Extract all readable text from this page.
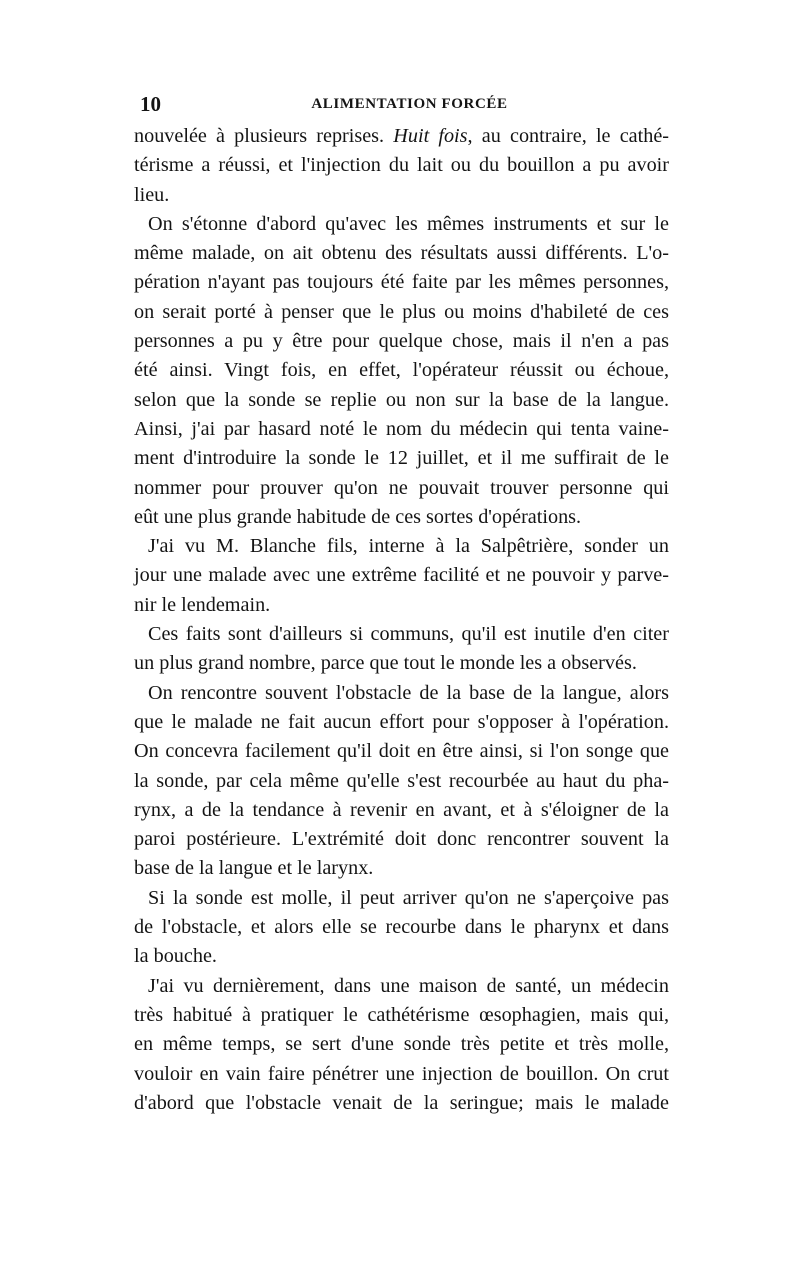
10	ALIMENTATION FORCÉE
nouvelée à plusieurs reprises. Huit fois, au contraire, le cathé-
térisme a réussi, et l'injection du lait ou du bouillon a pu avoir
lieu.
On s'étonne d'abord qu'avec les mêmes instruments et sur le
même malade, on ait obtenu des résultats aussi différents. L'o-
pération n'ayant pas toujours été faite par les mêmes personnes,
on serait porté à penser que le plus ou moins d'habileté de ces
personnes a pu y être pour quelque chose, mais il n'en a pas
été ainsi. Vingt fois, en effet, l'opérateur réussit ou échoue,
selon que la sonde se replie ou non sur la base de la langue.
Ainsi, j'ai par hasard noté le nom du médecin qui tenta vaine-
ment d'introduire la sonde le 12 juillet, et il me suffirait de le
nommer pour prouver qu'on ne pouvait trouver personne qui
eût une plus grande habitude de ces sortes d'opérations.
J'ai vu M. Blanche fils, interne à la Salpêtrière, sonder un
jour une malade avec une extrême facilité et ne pouvoir y parve-
nir le lendemain.
Ces faits sont d'ailleurs si communs, qu'il est inutile d'en citer
un plus grand nombre, parce que tout le monde les a observés.
On rencontre souvent l'obstacle de la base de la langue, alors
que le malade ne fait aucun effort pour s'opposer à l'opération.
On concevra facilement qu'il doit en être ainsi, si l'on songe que
la sonde, par cela même qu'elle s'est recourbée au haut du pha-
rynx, a de la tendance à revenir en avant, et à s'éloigner de la
paroi postérieure. L'extrémité doit donc rencontrer souvent la
base de la langue et le larynx.
Si la sonde est molle, il peut arriver qu'on ne s'aperçoive pas
de l'obstacle, et alors elle se recourbe dans le pharynx et dans
la bouche.
J'ai vu dernièrement, dans une maison de santé, un médecin
très habitué à pratiquer le cathétérisme œsophagien, mais qui,
en même temps, se sert d'une sonde très petite et très molle,
vouloir en vain faire pénétrer une injection de bouillon. On crut
d'abord que l'obstacle venait de la seringue; mais le malade
